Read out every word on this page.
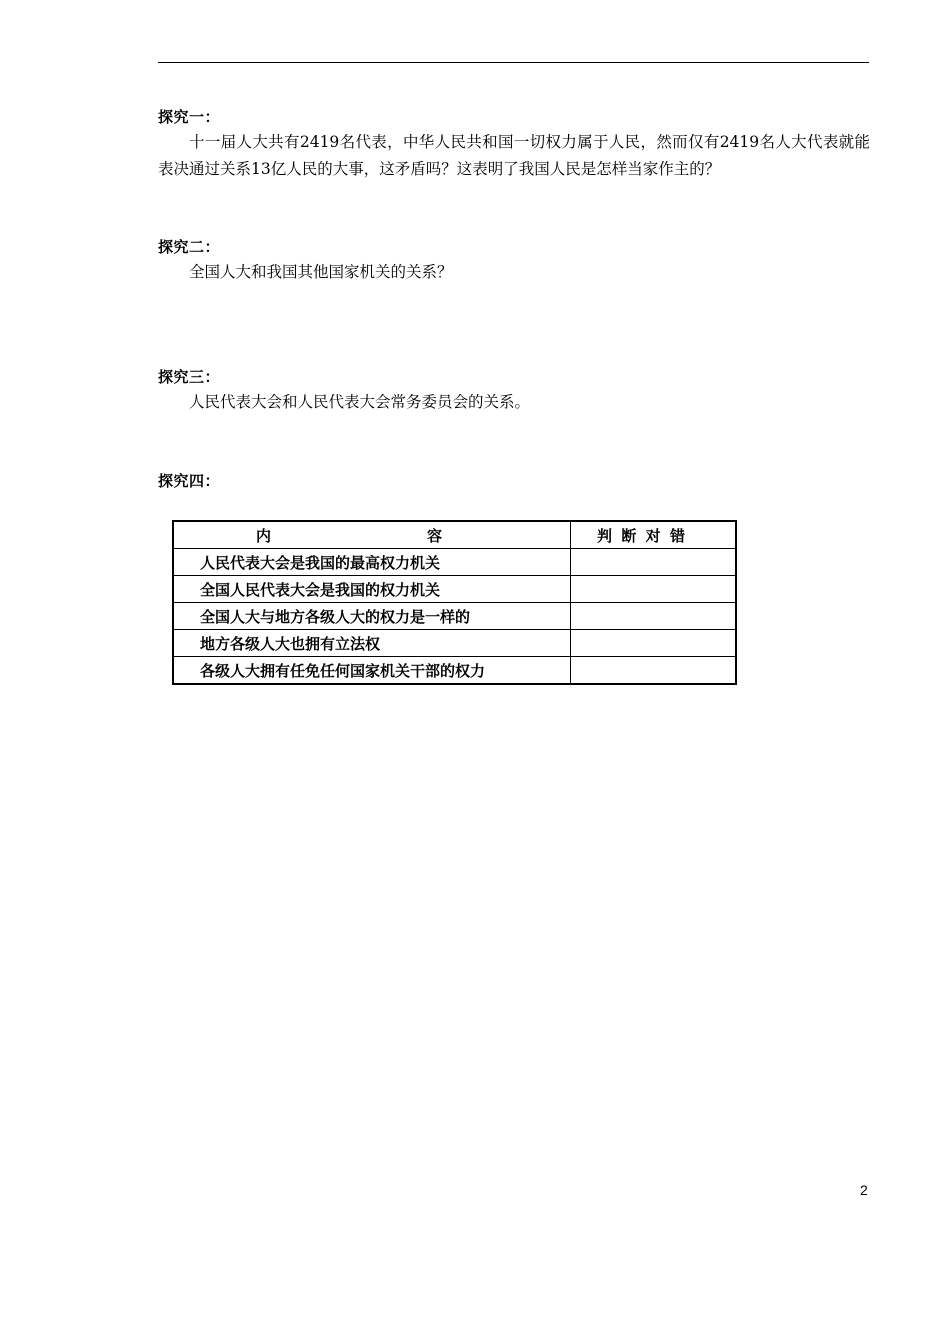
探究一：
十一届人大共有2419名代表，中华人民共和国一切权力属于人民，然而仅有2419名人大代表就能表决通过关系13亿人民的大事，这矛盾吗？这表明了我国人民是怎样当家作主的？
探究二：
全国人大和我国其他国家机关的关系？
探究三：
人民代表大会和人民代表大会常务委员会的关系。
探究四：
内 容	判 断 对 错

人民代表大会是我国的最高权力机关	
全国人民代表大会是我国的权力机关	
全国人大与地方各级人大的权力是一样的	
地方各级人大也拥有立法权	
各级人大拥有任免任何国家机关干部的权力	
2
